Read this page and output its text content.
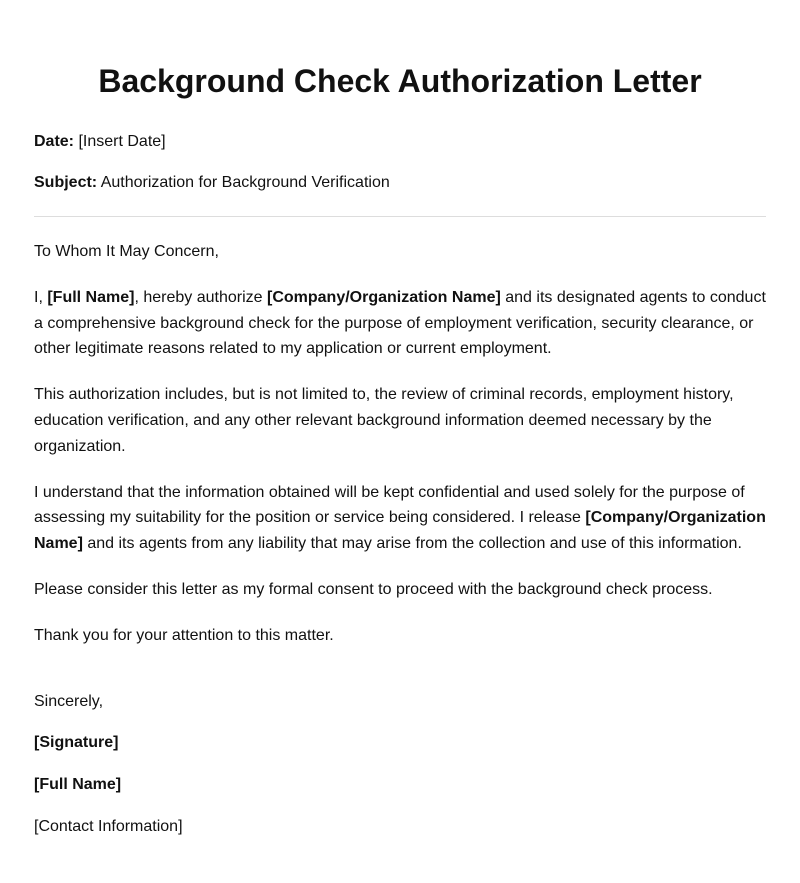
Background Check Authorization Letter

Date: [Insert Date]

Subject: Authorization for Background Verification

To Whom It May Concern,

I, [Full Name], hereby authorize [Company/Organization Name] and its designated agents to conduct a comprehensive background check for the purpose of employment verification, security clearance, or other legitimate reasons related to my application or current employment.

This authorization includes, but is not limited to, the review of criminal records, employment history, education verification, and any other relevant background information deemed necessary by the organization.

I understand that the information obtained will be kept confidential and used solely for the purpose of assessing my suitability for the position or service being considered. I release [Company/Organization Name] and its agents from any liability that may arise from the collection and use of this information.

Please consider this letter as my formal consent to proceed with the background check process.

Thank you for your attention to this matter.

Sincerely,

[Signature]

[Full Name]

[Contact Information]
